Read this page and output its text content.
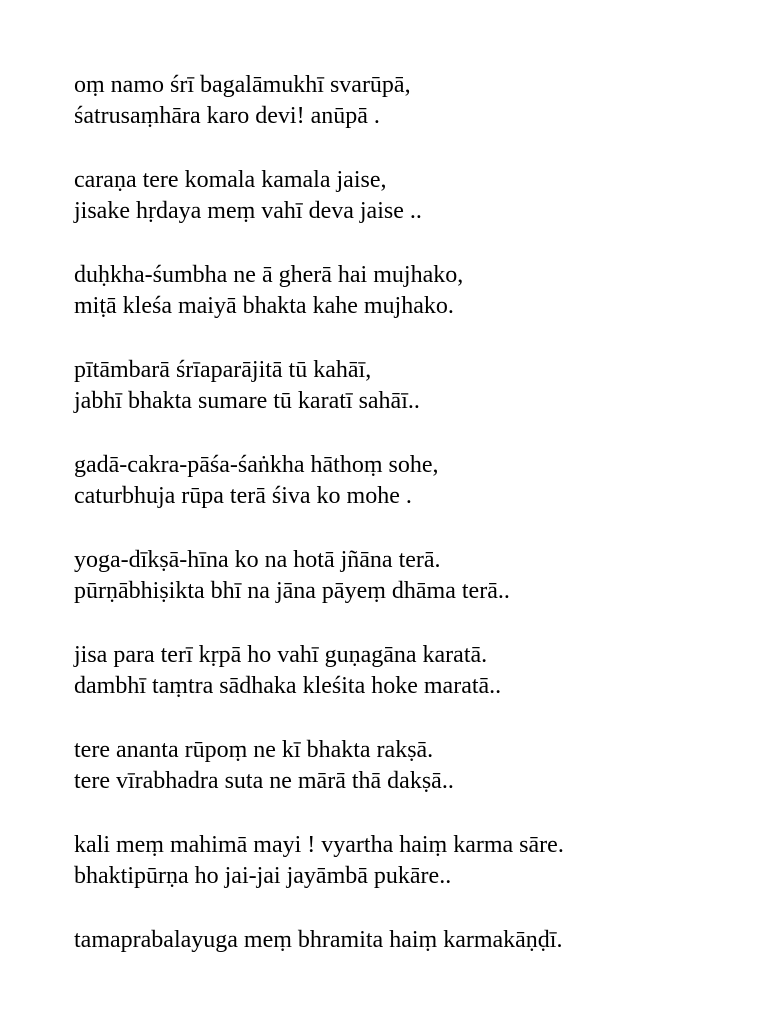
oṃ namo śrī bagalāmukhī svarūpā,
śatrusaṃhāra karo devi! anūpā .
caraṇa tere komala kamala jaise,
jisake hṛdaya meṃ vahī deva jaise ..
duḥkha-śumbha ne ā gherā hai mujhako,
miṭā kleśa maiyā bhakta kahe mujhako.
pītāmbarā śrīaparājitā tū kahāī,
jabhī bhakta sumare tū karatī sahāī..
gadā-cakra-pāśa-śaṅkha hāthoṃ sohe,
caturbhuja rūpa terā śiva ko mohe .
yoga-dīkṣā-hīna ko na hotā jñāna terā.
pūrṇābhiṣikta bhī na jāna pāyeṃ dhāma terā..
jisa para terī kṛpā ho vahī guṇagāna karatā.
dambhī taṃtra sādhaka kleśita hoke maratā..
tere ananta rūpoṃ ne kī bhakta rakṣā.
tere vīrabhadra suta ne mārā thā dakṣā..
kali meṃ mahimā mayi ! vyartha haiṃ karma sāre.
bhaktipūrṇa ho jai-jai jayāmbā pukāre..
tamaprabalayuga meṃ bhramita haiṃ karmakāṇḍī.
